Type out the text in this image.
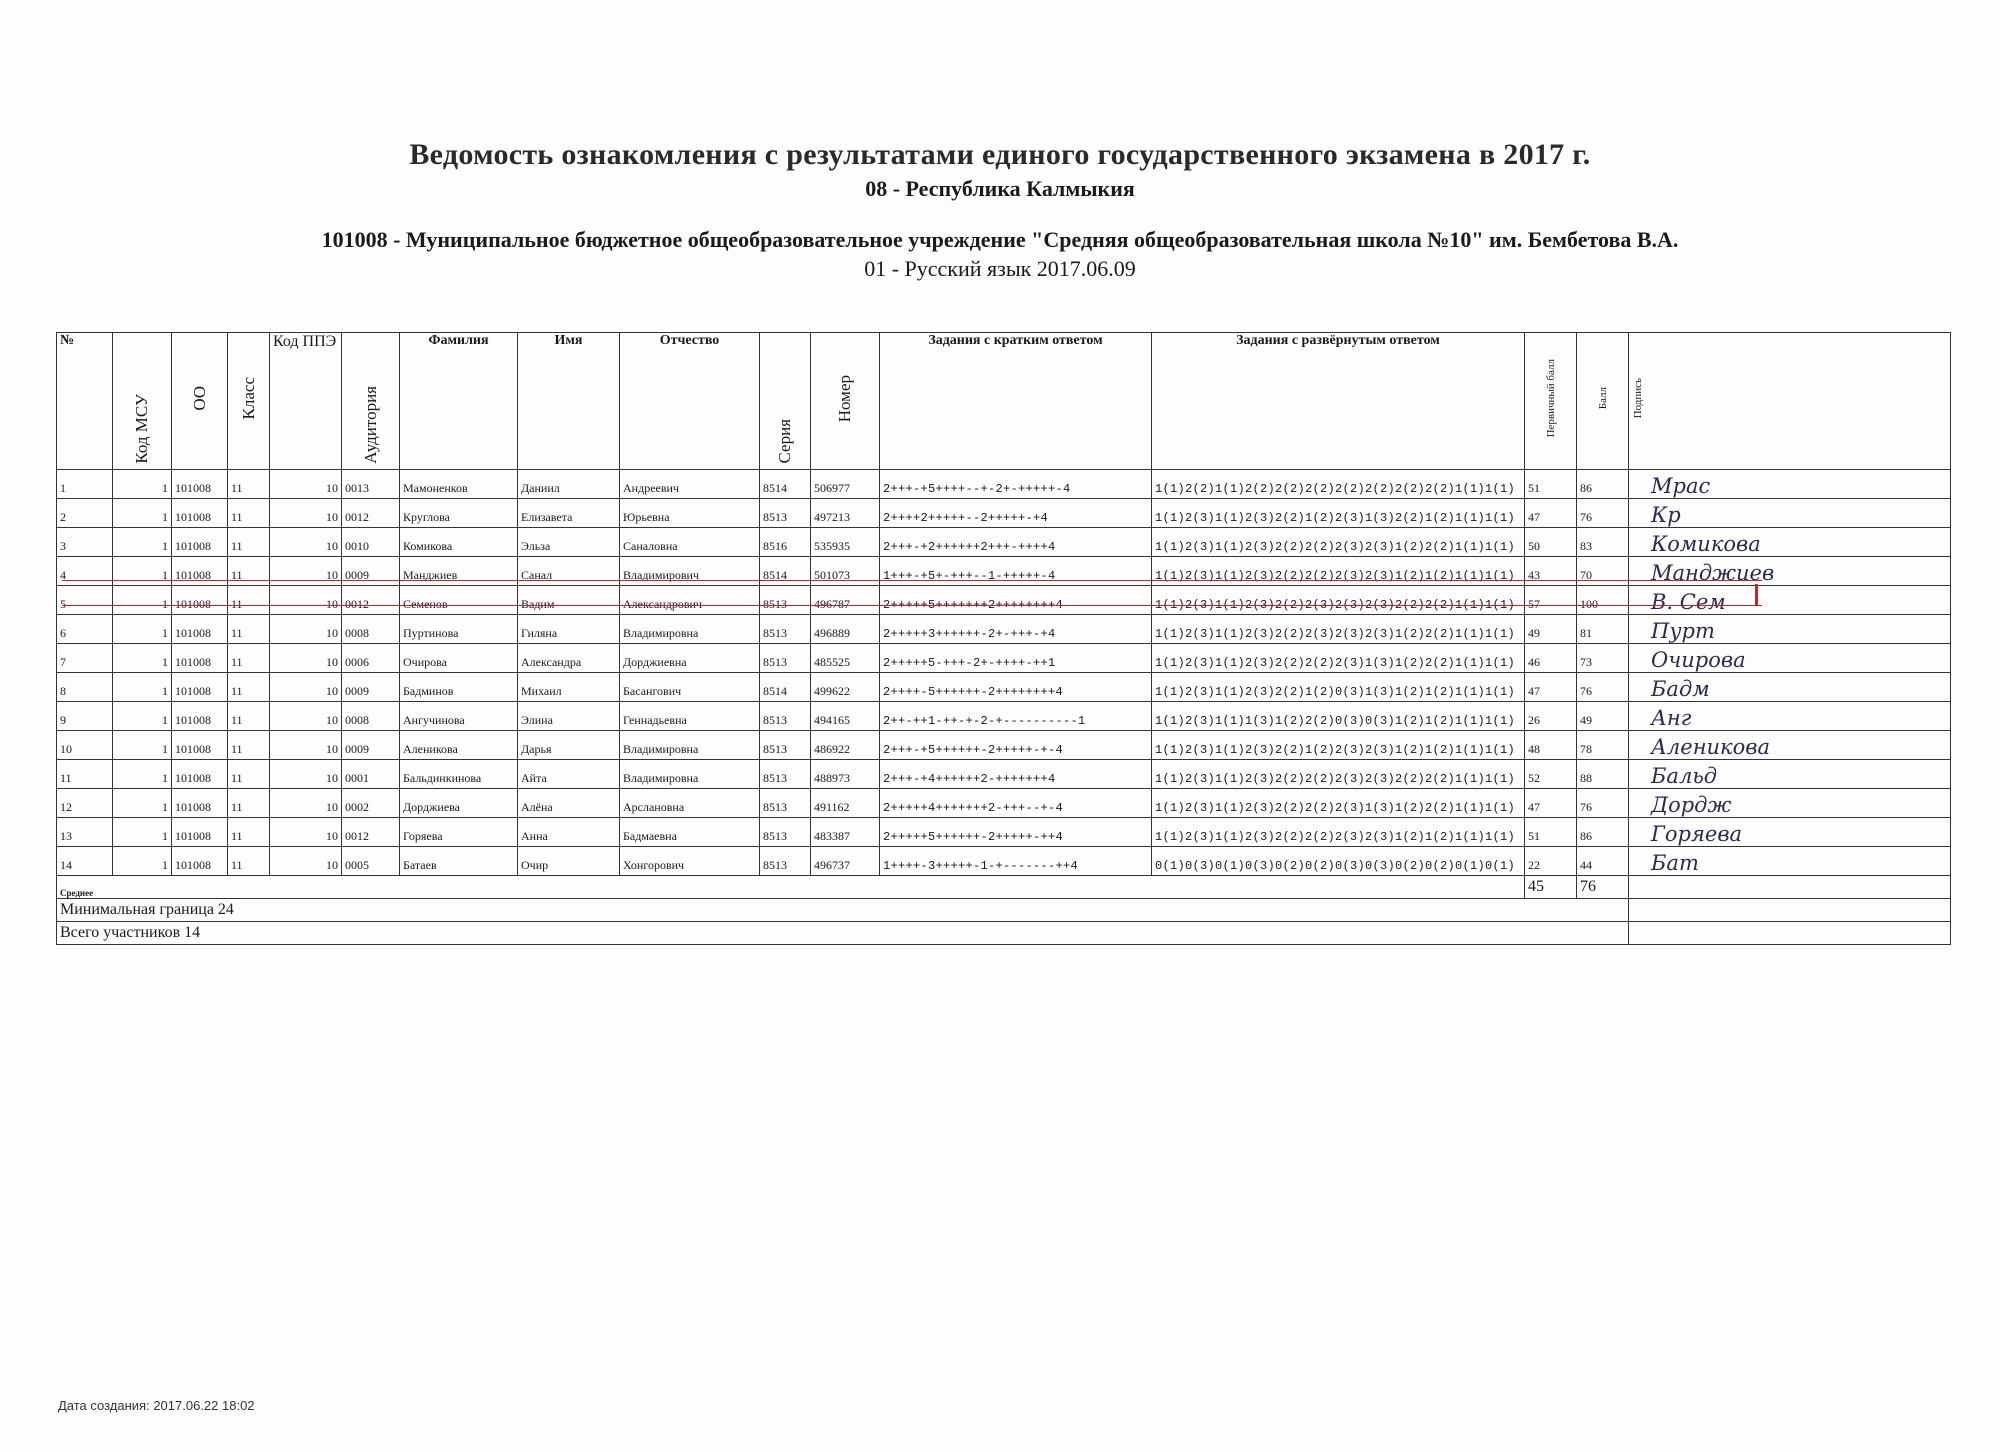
Ведомость ознакомления с результатами единого государственного экзамена в 2017 г.
08 - Республика Калмыкия
101008 - Муниципальное бюджетное общеобразовательное учреждение "Средняя общеобразовательная школа №10" им. Бембетова В.А.
01 - Русский язык 2017.06.09
№	Код МСУ	ОО	Класс	Код ППЭ	Аудитория	Фамилия	Имя	Отчество	Серия	Номер	Задания с кратким ответом	Задания с развёрнутым ответом	Первичный балл	Балл	Подпись
1	1	101008	11	10	0013	Мамоненков	Даниил	Андреевич	8514	506977	2+++-+5++++--+-2+-+++++-4	1(1)2(2)1(1)2(2)2(2)2(2)2(2)2(2)2(2)2(2)1(1)1(1)	51	86	Мрас

2	1	101008	11	10	0012	Круглова	Елизавета	Юрьевна	8513	497213	2++++2+++++--2+++++-+4	1(1)2(3)1(1)2(3)2(2)1(2)2(3)1(3)2(2)1(2)1(1)1(1)	47	76	Кр

3	1	101008	11	10	0010	Комикова	Эльза	Саналовна	8516	535935	2+++-+2++++++2+++-++++4	1(1)2(3)1(1)2(3)2(2)2(2)2(3)2(3)1(2)2(2)1(1)1(1)	50	83	Комикова

4	1	101008	11	10	0009	Манджиев	Санал	Владимирович	8514	501073	1+++-+5+-+++--1-+++++-4	1(1)2(3)1(1)2(3)2(2)2(2)2(3)2(3)1(2)1(2)1(1)1(1)	43	70	Манджиев

5	1	101008	11	10	0012	Семенов	Вадим	Александрович	8513	496787	2+++++5+++++++2++++++++4	1(1)2(3)1(1)2(3)2(2)2(3)2(3)2(3)2(2)2(2)1(1)1(1)	57	100	В. Сем

6	1	101008	11	10	0008	Пуртинова	Гиляна	Владимировна	8513	496889	2+++++3++++++-2+-+++-+4	1(1)2(3)1(1)2(3)2(2)2(3)2(3)2(3)1(2)2(2)1(1)1(1)	49	81	Пурт

7	1	101008	11	10	0006	Очирова	Александра	Дорджиевна	8513	485525	2+++++5-+++-2+-++++-++1	1(1)2(3)1(1)2(3)2(2)2(2)2(3)1(3)1(2)2(2)1(1)1(1)	46	73	Очирова

8	1	101008	11	10	0009	Бадминов	Михаил	Басангович	8514	499622	2++++-5++++++-2++++++++4	1(1)2(3)1(1)2(3)2(2)1(2)0(3)1(3)1(2)1(2)1(1)1(1)	47	76	Бадм

9	1	101008	11	10	0008	Ангучинова	Элина	Геннадьевна	8513	494165	2++-++1-++-+-2-+----------1	1(1)2(3)1(1)1(3)1(2)2(2)0(3)0(3)1(2)1(2)1(1)1(1)	26	49	Анг

10	1	101008	11	10	0009	Аленикова	Дарья	Владимировна	8513	486922	2+++-+5++++++-2+++++-+-4	1(1)2(3)1(1)2(3)2(2)1(2)2(3)2(3)1(2)1(2)1(1)1(1)	48	78	Аленикова

11	1	101008	11	10	0001	Бальдинкинова	Айта	Владимировна	8513	488973	2+++-+4++++++2-+++++++4	1(1)2(3)1(1)2(3)2(2)2(2)2(3)2(3)2(2)2(2)1(1)1(1)	52	88	Бальд

12	1	101008	11	10	0002	Дорджиева	Алёна	Арслановна	8513	491162	2+++++4+++++++2-+++--+-4	1(1)2(3)1(1)2(3)2(2)2(2)2(3)1(3)1(2)2(2)1(1)1(1)	47	76	Дордж

13	1	101008	11	10	0012	Горяева	Анна	Бадмаевна	8513	483387	2+++++5++++++-2+++++-++4	1(1)2(3)1(1)2(3)2(2)2(2)2(3)2(3)1(2)1(2)1(1)1(1)	51	86	Горяева

14	1	101008	11	10	0005	Батаев	Очир	Хонгорович	8513	496737	1++++-3+++++-1-+-------++4	0(1)0(3)0(1)0(3)0(2)0(2)0(3)0(3)0(2)0(2)0(1)0(1)	22	44	Бат

Среднее													45	76	
Минимальная граница 24															
Всего участников 14															
Дата создания: 2017.06.22 18:02
